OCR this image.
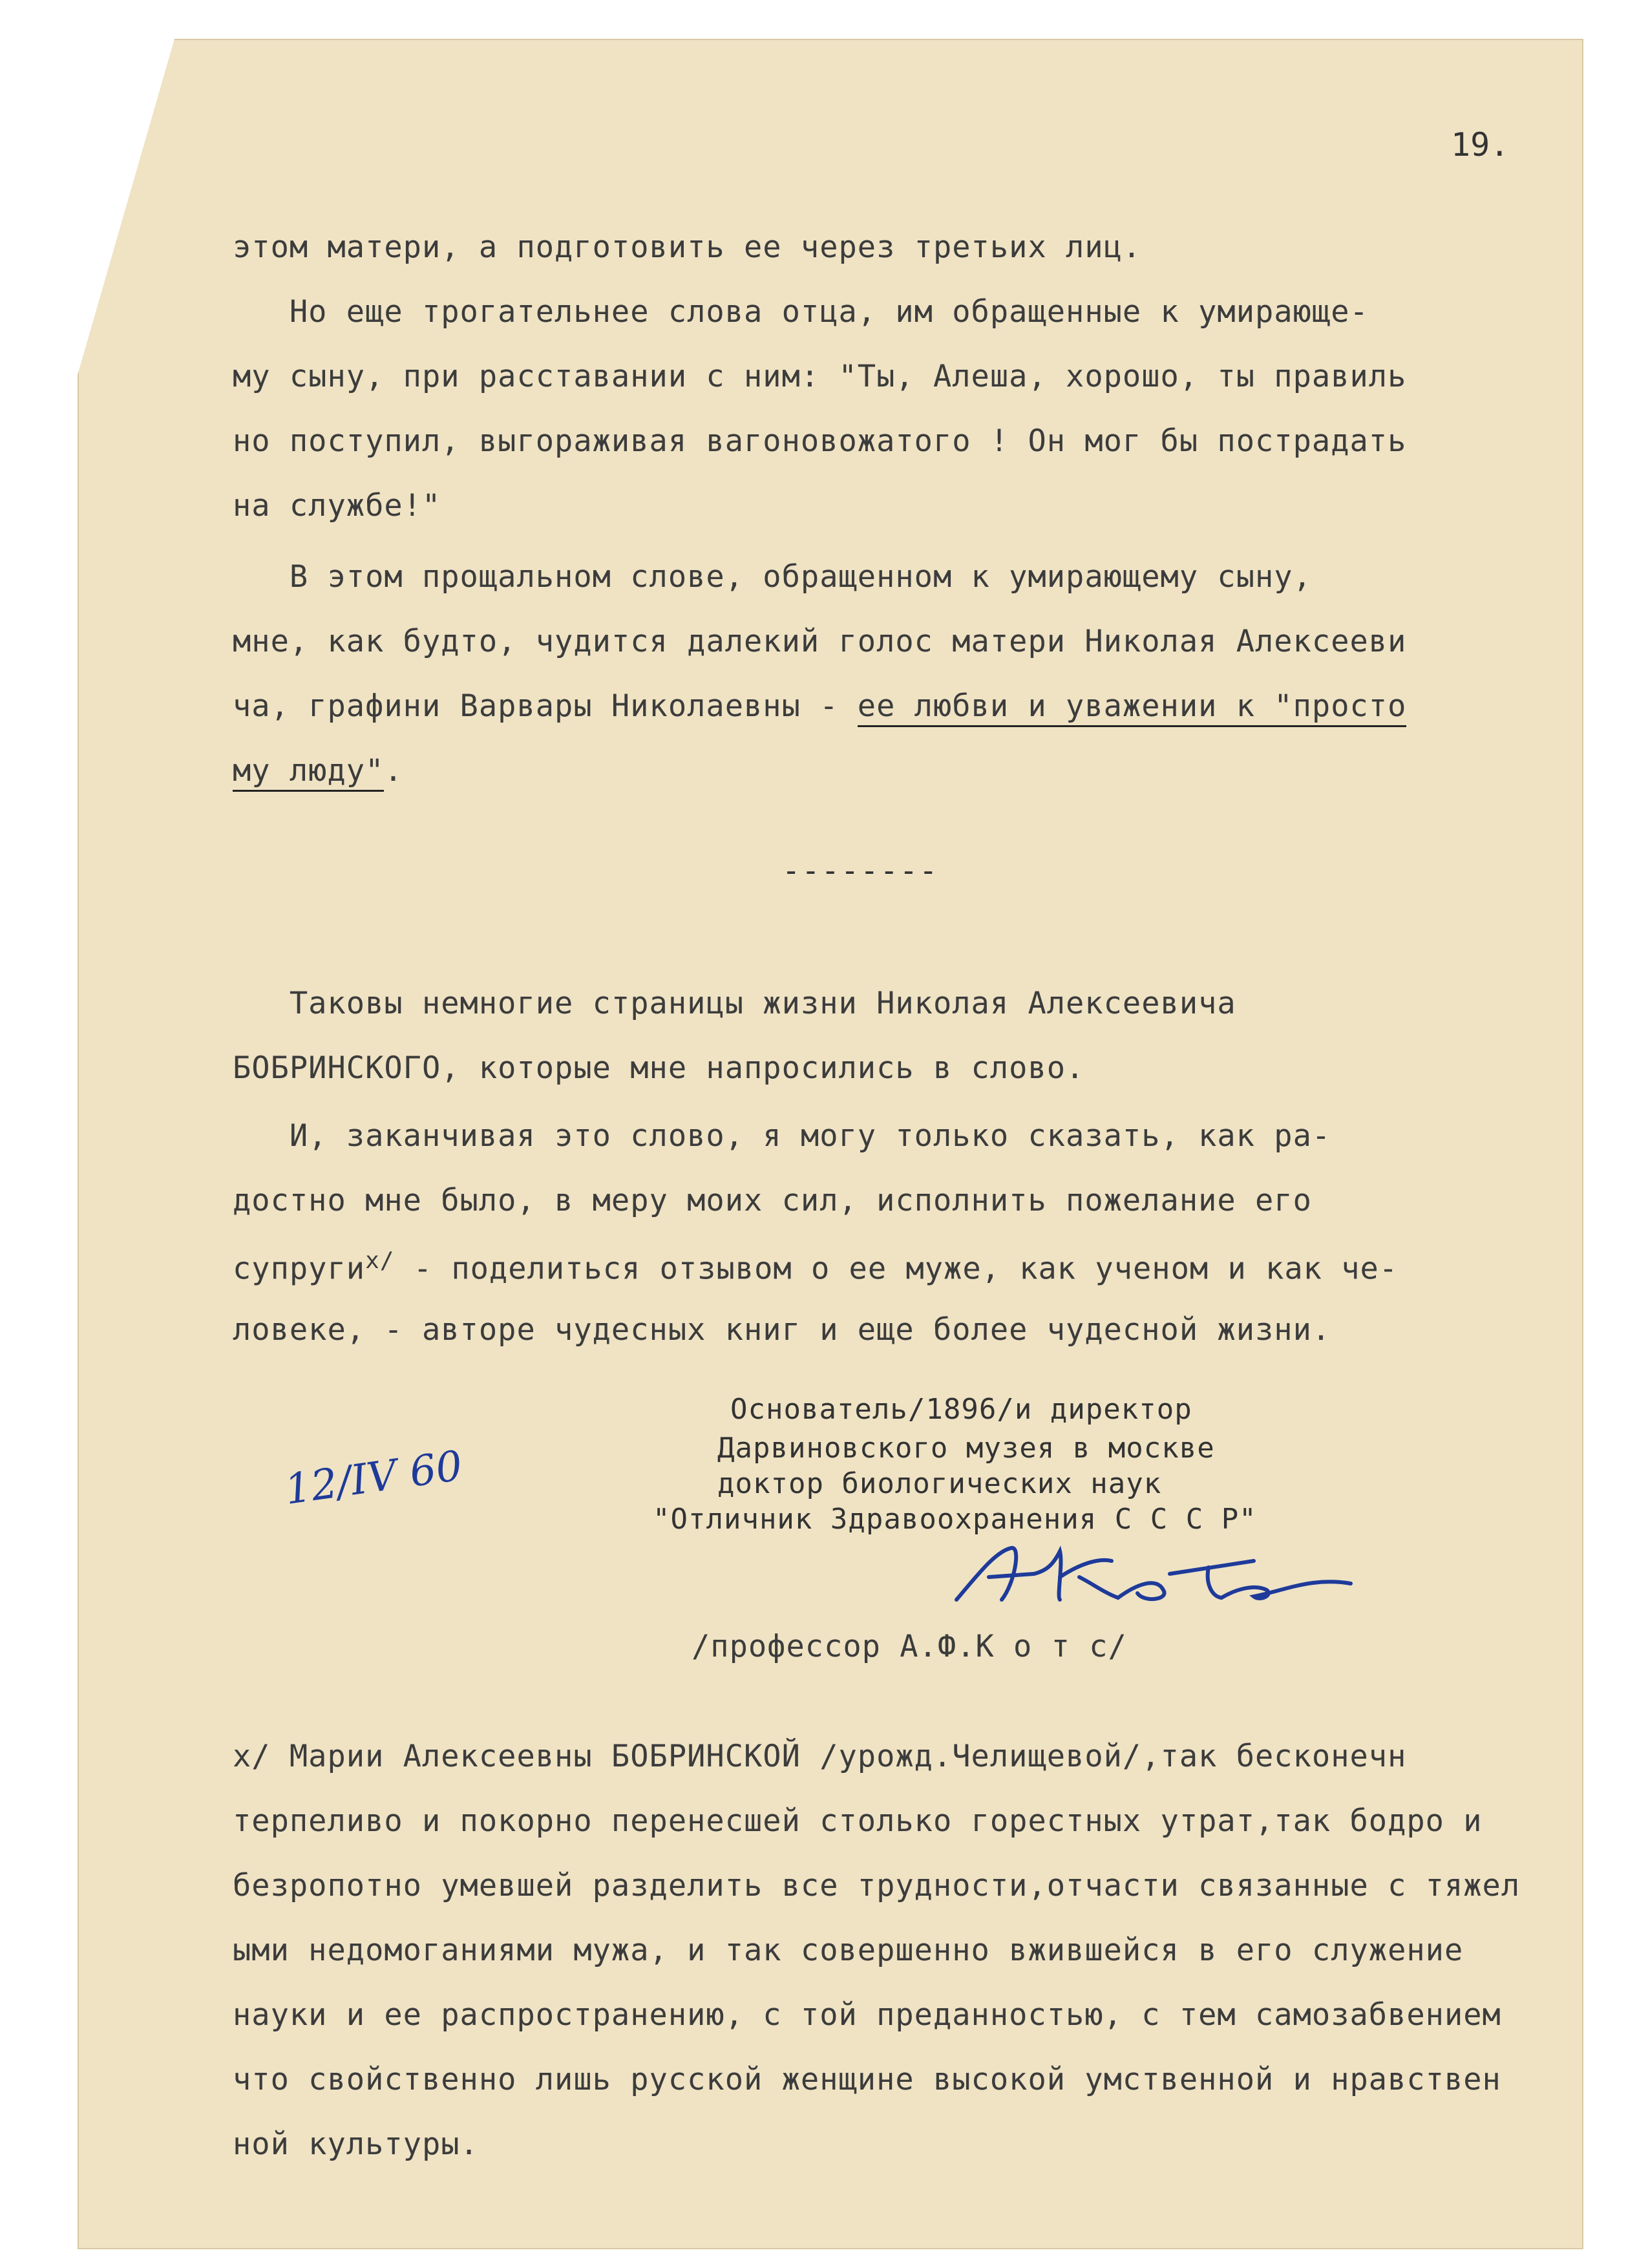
19.
этом матери, а подготовить ее через третьих лиц.
Но еще трогательнее слова отца, им обращенные к умирающе-
му сыну, при расставании с ним: "Ты, Алеша, хорошо, ты правиль
но поступил, выгораживая вагоновожатого ! Он мог бы пострадать
на службе!"
В этом прощальном слове, обращенном к умирающему сыну,
мне, как будто, чудится далекий голос матери Николая Алексееви
ча, графини Варвары Николаевны - ее любви и уважении к "просто
му люду".
--------
Таковы немногие страницы жизни Николая Алексеевича
БОБРИНСКОГО, которые мне напросились в слово.
И, заканчивая это слово, я могу только сказать, как ра-
достно мне было, в меру моих сил, исполнить пожелание его
супруги$^{x/}$ - поделиться отзывом о ее муже, как ученом и как че-
ловеке, - авторе чудесных книг и еще более чудесной жизни.
Основатель/1896/и директор
Дарвиновского музея в москве
доктор биологических наук
"Отличник Здравоохранения С С С Р"
12/IV 60
/профессор А.Ф.К о т с/
x/ Марии Алексеевны БОБРИНСКОЙ /урожд.Челищевой/,так бесконечн
терпеливо и покорно перенесшей столько горестных утрат,так бодро и
безропотно умевшей разделить все трудности,отчасти связанные с тяжел
ыми недомоганиями мужа, и так совершенно вжившейся в его служение
науки и ее распространению, с той преданностью, с тем самозабвением
что свойственно лишь русской женщине высокой умственной и нравствен
ной культуры.
